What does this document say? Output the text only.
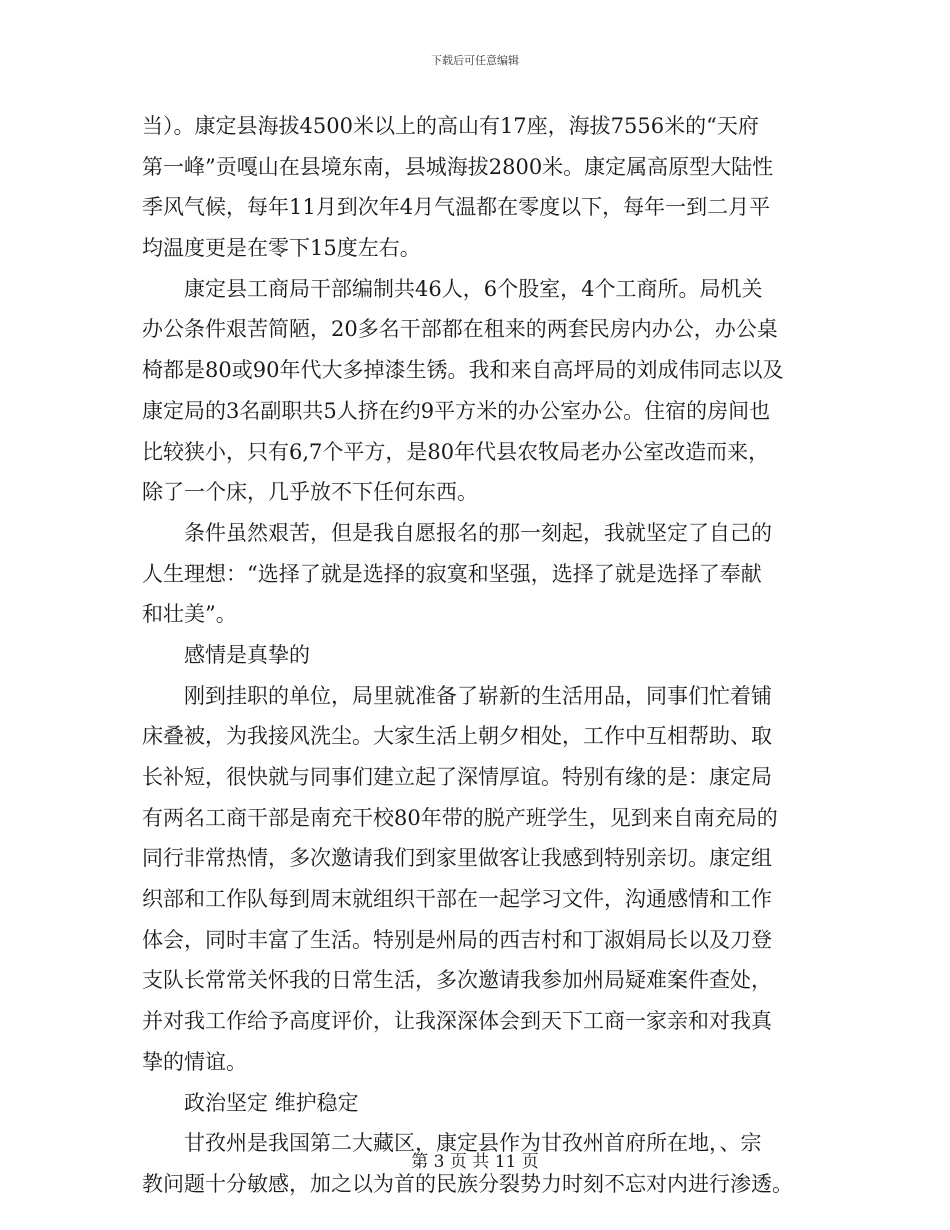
下载后可任意编辑
当）。康定县海拔4500米以上的高山有17座，海拔7556米的“天府
第一峰”贡嘎山在县境东南，县城海拔2800米。康定属高原型大陆性
季风气候，每年11月到次年4月气温都在零度以下，每年一到二月平
均温度更是在零下15度左右。
　　康定县工商局干部编制共46人，6个股室，4个工商所。局机关
办公条件艰苦简陋，20多名干部都在租来的两套民房内办公，办公桌
椅都是80或90年代大多掉漆生锈。我和来自高坪局的刘成伟同志以及
康定局的3名副职共5人挤在约9平方米的办公室办公。住宿的房间也
比较狭小，只有6,7个平方，是80年代县农牧局老办公室改造而来，
除了一个床，几乎放不下任何东西。
　　条件虽然艰苦，但是我自愿报名的那一刻起，我就坚定了自己的
人生理想：“选择了就是选择的寂寞和坚强，选择了就是选择了奉献
和壮美”。
　　感情是真挚的
　　刚到挂职的单位，局里就准备了崭新的生活用品，同事们忙着铺
床叠被，为我接风洗尘。大家生活上朝夕相处，工作中互相帮助、取
长补短，很快就与同事们建立起了深情厚谊。特别有缘的是：康定局
有两名工商干部是南充干校80年带的脱产班学生，见到来自南充局的
同行非常热情，多次邀请我们到家里做客让我感到特别亲切。康定组
织部和工作队每到周末就组织干部在一起学习文件，沟通感情和工作
体会，同时丰富了生活。特别是州局的西吉村和丁淑娟局长以及刀登
支队长常常关怀我的日常生活，多次邀请我参加州局疑难案件查处，
并对我工作给予高度评价，让我深深体会到天下工商一家亲和对我真
挚的情谊。
　　政治坚定 维护稳定
　　甘孜州是我国第二大藏区，康定县作为甘孜州首府所在地，、宗
教问题十分敏感，加之以为首的民族分裂势力时刻不忘对内进行渗透。
第 3 页 共 11 页
